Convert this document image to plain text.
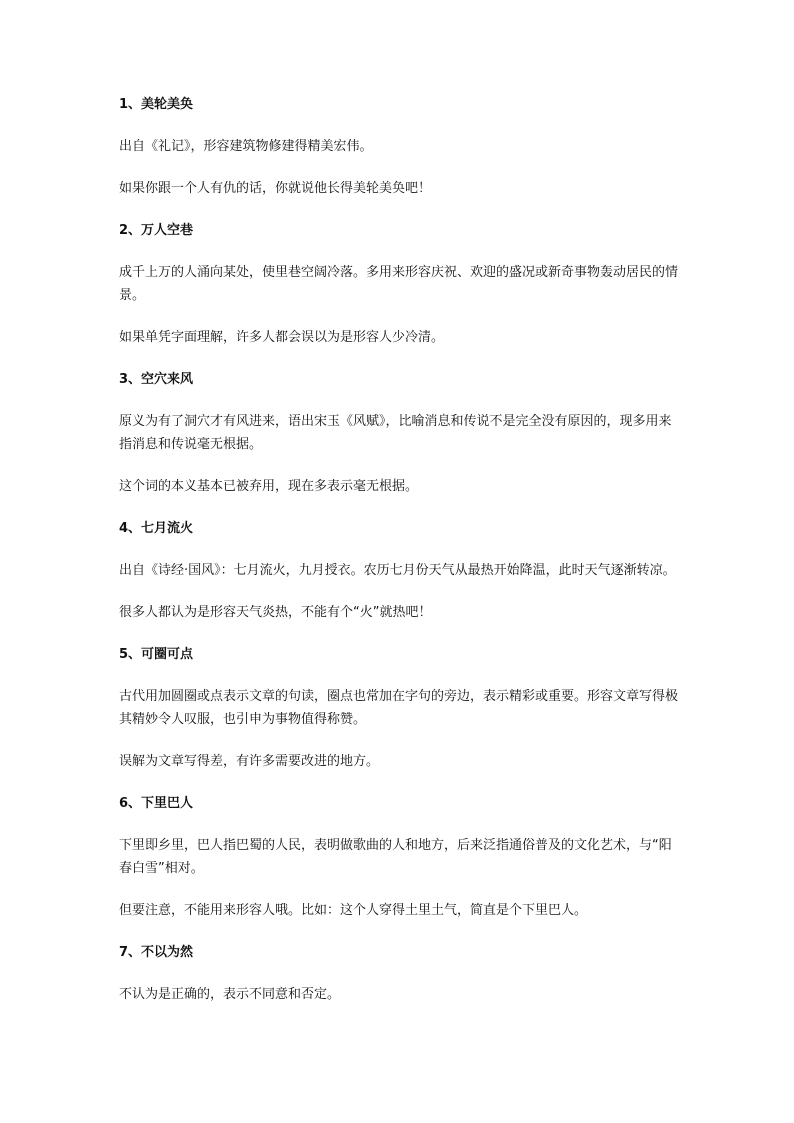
1、美轮美奂
出自《礼记》，形容建筑物修建得精美宏伟。
如果你跟一个人有仇的话，你就说他长得美轮美奂吧！
2、万人空巷
成千上万的人涌向某处，使里巷空阔冷落。多用来形容庆祝、欢迎的盛况或新奇事物轰动居民的情景。
如果单凭字面理解，许多人都会误以为是形容人少冷清。
3、空穴来风
原义为有了洞穴才有风进来，语出宋玉《风赋》，比喻消息和传说不是完全没有原因的，现多用来指消息和传说毫无根据。
这个词的本义基本已被弃用，现在多表示毫无根据。
4、七月流火
出自《诗经·国风》：七月流火，九月授衣。农历七月份天气从最热开始降温，此时天气逐渐转凉。
很多人都认为是形容天气炎热，不能有个“火”就热吧！
5、可圈可点
古代用加圆圈或点表示文章的句读，圈点也常加在字句的旁边，表示精彩或重要。形容文章写得极其精妙令人叹服，也引申为事物值得称赞。
误解为文章写得差，有许多需要改进的地方。
6、下里巴人
下里即乡里，巴人指巴蜀的人民，表明做歌曲的人和地方，后来泛指通俗普及的文化艺术，与“阳春白雪”相对。
但要注意，不能用来形容人哦。比如：这个人穿得土里土气，简直是个下里巴人。
7、不以为然
不认为是正确的，表示不同意和否定。
